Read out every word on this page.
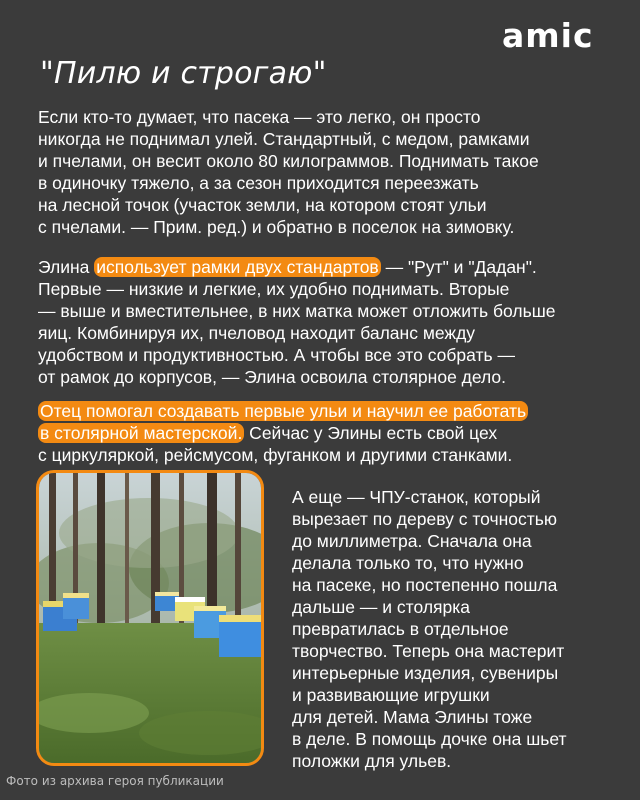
amic
"Пилю и строгаю"
Если кто-то думает, что пасека — это легко, он просто
никогда не поднимал улей. Стандартный, с медом, рамками
и пчелами, он весит около 80 килограммов. Поднимать такое
в одиночку тяжело, а за сезон приходится переезжать
на лесной точок (участок земли, на котором стоят ульи
с пчелами. — Прим. ред.) и обратно в поселок на зимовку.
Элина использует рамки двух стандартов — "Рут" и "Дадан".
Первые — низкие и легкие, их удобно поднимать. Вторые
— выше и вместительнее, в них матка может отложить больше
яиц. Комбинируя их, пчеловод находит баланс между
удобством и продуктивностью. А чтобы все это собрать —
от рамок до корпусов, — Элина освоила столярное дело.
Отец помогал создавать первые ульи и научил ее работать
в столярной мастерской. Сейчас у Элины есть свой цех
с циркуляркой, рейсмусом, фуганком и другими станками.
А еще — ЧПУ-станок, который
вырезает по дереву с точностью
до миллиметра. Сначала она
делала только то, что нужно
на пасеке, но постепенно пошла
дальше — и столярка
превратилась в отдельное
творчество. Теперь она мастерит
интерьерные изделия, сувениры
и развивающие игрушки
для детей. Мама Элины тоже
в деле. В помощь дочке она шьет
положки для ульев.
Фото из архива героя публикации
